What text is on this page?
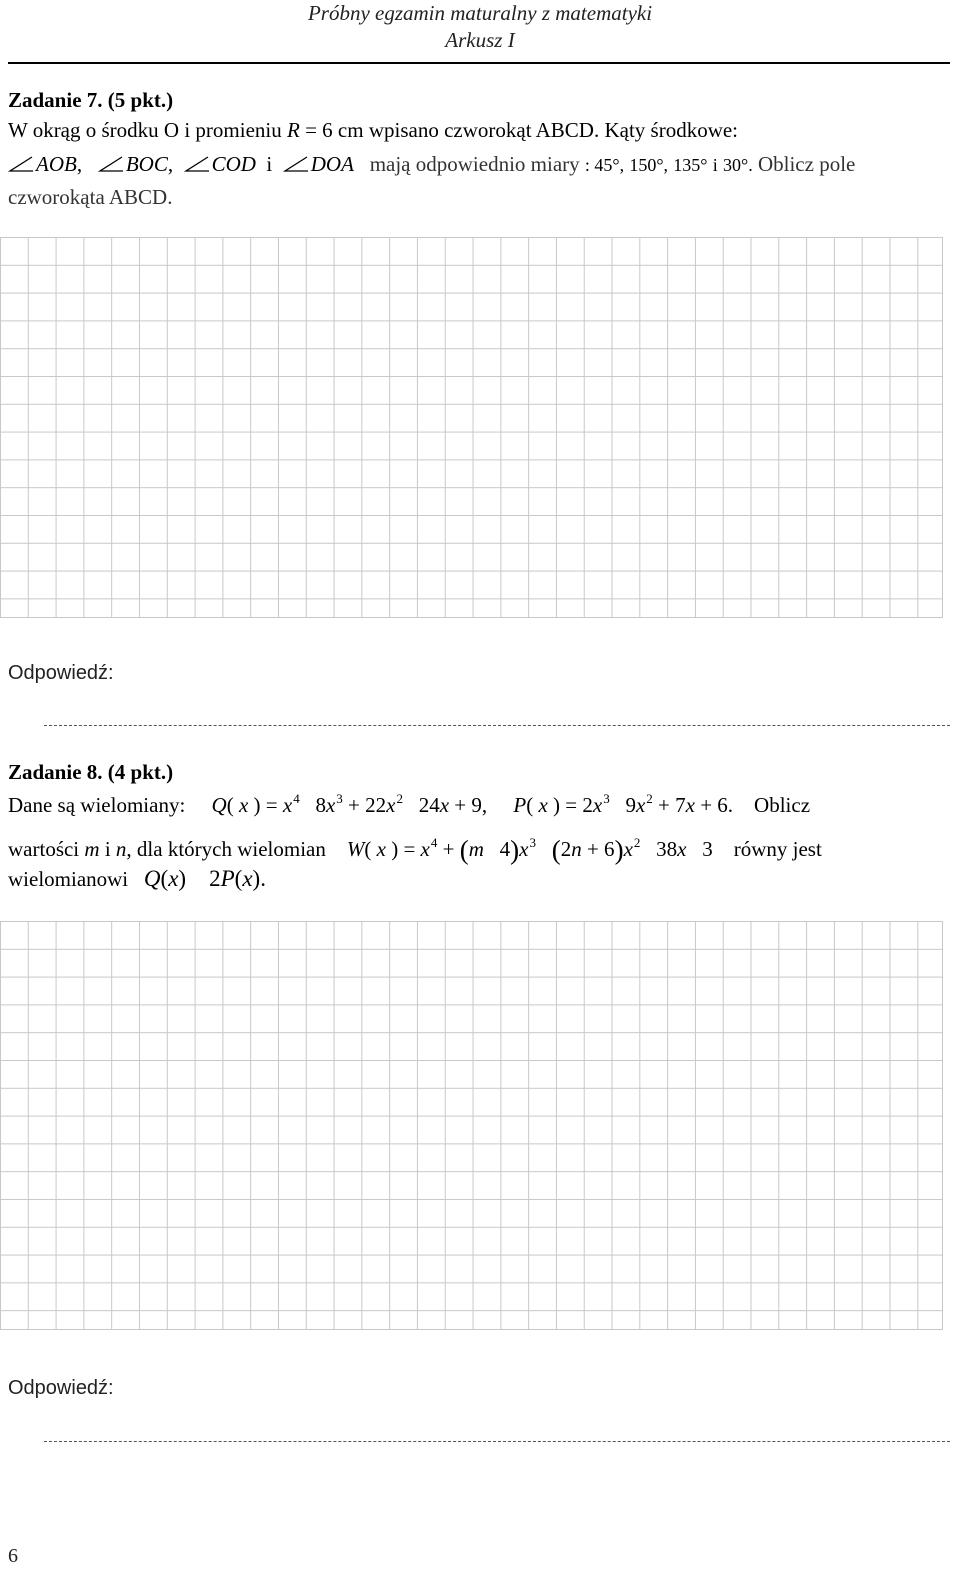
Próbny egzamin maturalny z matematyki
Arkusz I
Zadanie 7. (5 pkt.)
W okrąg o środku O i promieniu R = 6 cm wpisano czworokąt ABCD. Kąty środkowe:
AOB, BOC, COD i DOA mają odpowiednio miary : 45°, 150°, 135° i 30°. Oblicz pole
czworokąta ABCD.
Odpowiedź:
Zadanie 8. (4 pkt.)
Dane są wielomiany: Q( x ) = $x^4$ $8x^3 + 22x^2$ 24x + 9, P( x ) = $2x^3$ $9x^2 + 7x + 6$. Oblicz
wartości m i n, dla których wielomian W( x ) = $x^4 + (m$ $4)x^3$ $(2n + 6)x^2$ 38x 3 równy jest
wielomianowi Q(x) 2P(x).
Odpowiedź:
6
